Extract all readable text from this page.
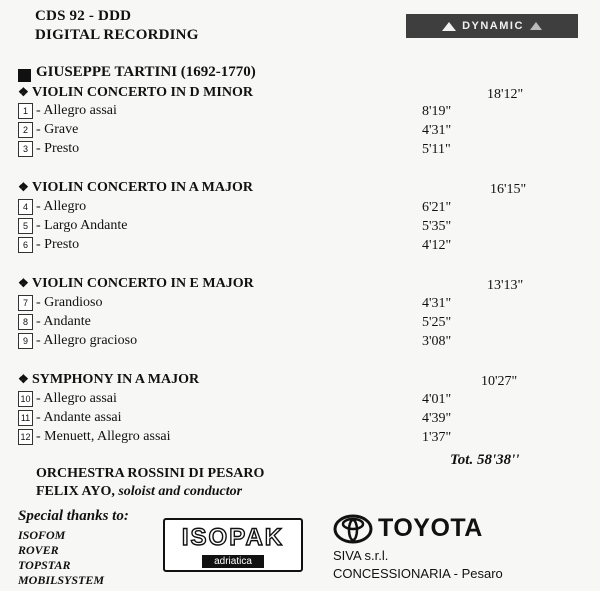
CDS 92 - DDD
DIGITAL RECORDING
DYNAMIC
GIUSEPPE TARTINI (1692-1770)
❖ VIOLIN CONCERTO IN D MINOR	18'12"
1 - Allegro assai	8'19"
2 - Grave	4'31"
3 - Presto	5'11"
❖ VIOLIN CONCERTO IN A MAJOR	16'15"
4 - Allegro	6'21"
5 - Largo Andante	5'35"
6 - Presto	4'12"
❖ VIOLIN CONCERTO IN E MAJOR	13'13"
7 - Grandioso	4'31"
8 - Andante	5'25"
9 - Allegro gracioso	3'08"
❖ SYMPHONY IN A MAJOR	10'27"
10 - Allegro assai	4'01"
11 - Andante assai	4'39"
12 - Menuett, Allegro assai	1'37"
Tot. 58'38''
ORCHESTRA ROSSINI DI PESARO
FELIX AYO, soloist and conductor
Special thanks to:
ISOFOM
ROVER
TOPSTAR
MOBILSYSTEM
ISOPAK
adriatica
TOYOTA
SIVA s.r.l.
CONCESSIONARIA - Pesaro
